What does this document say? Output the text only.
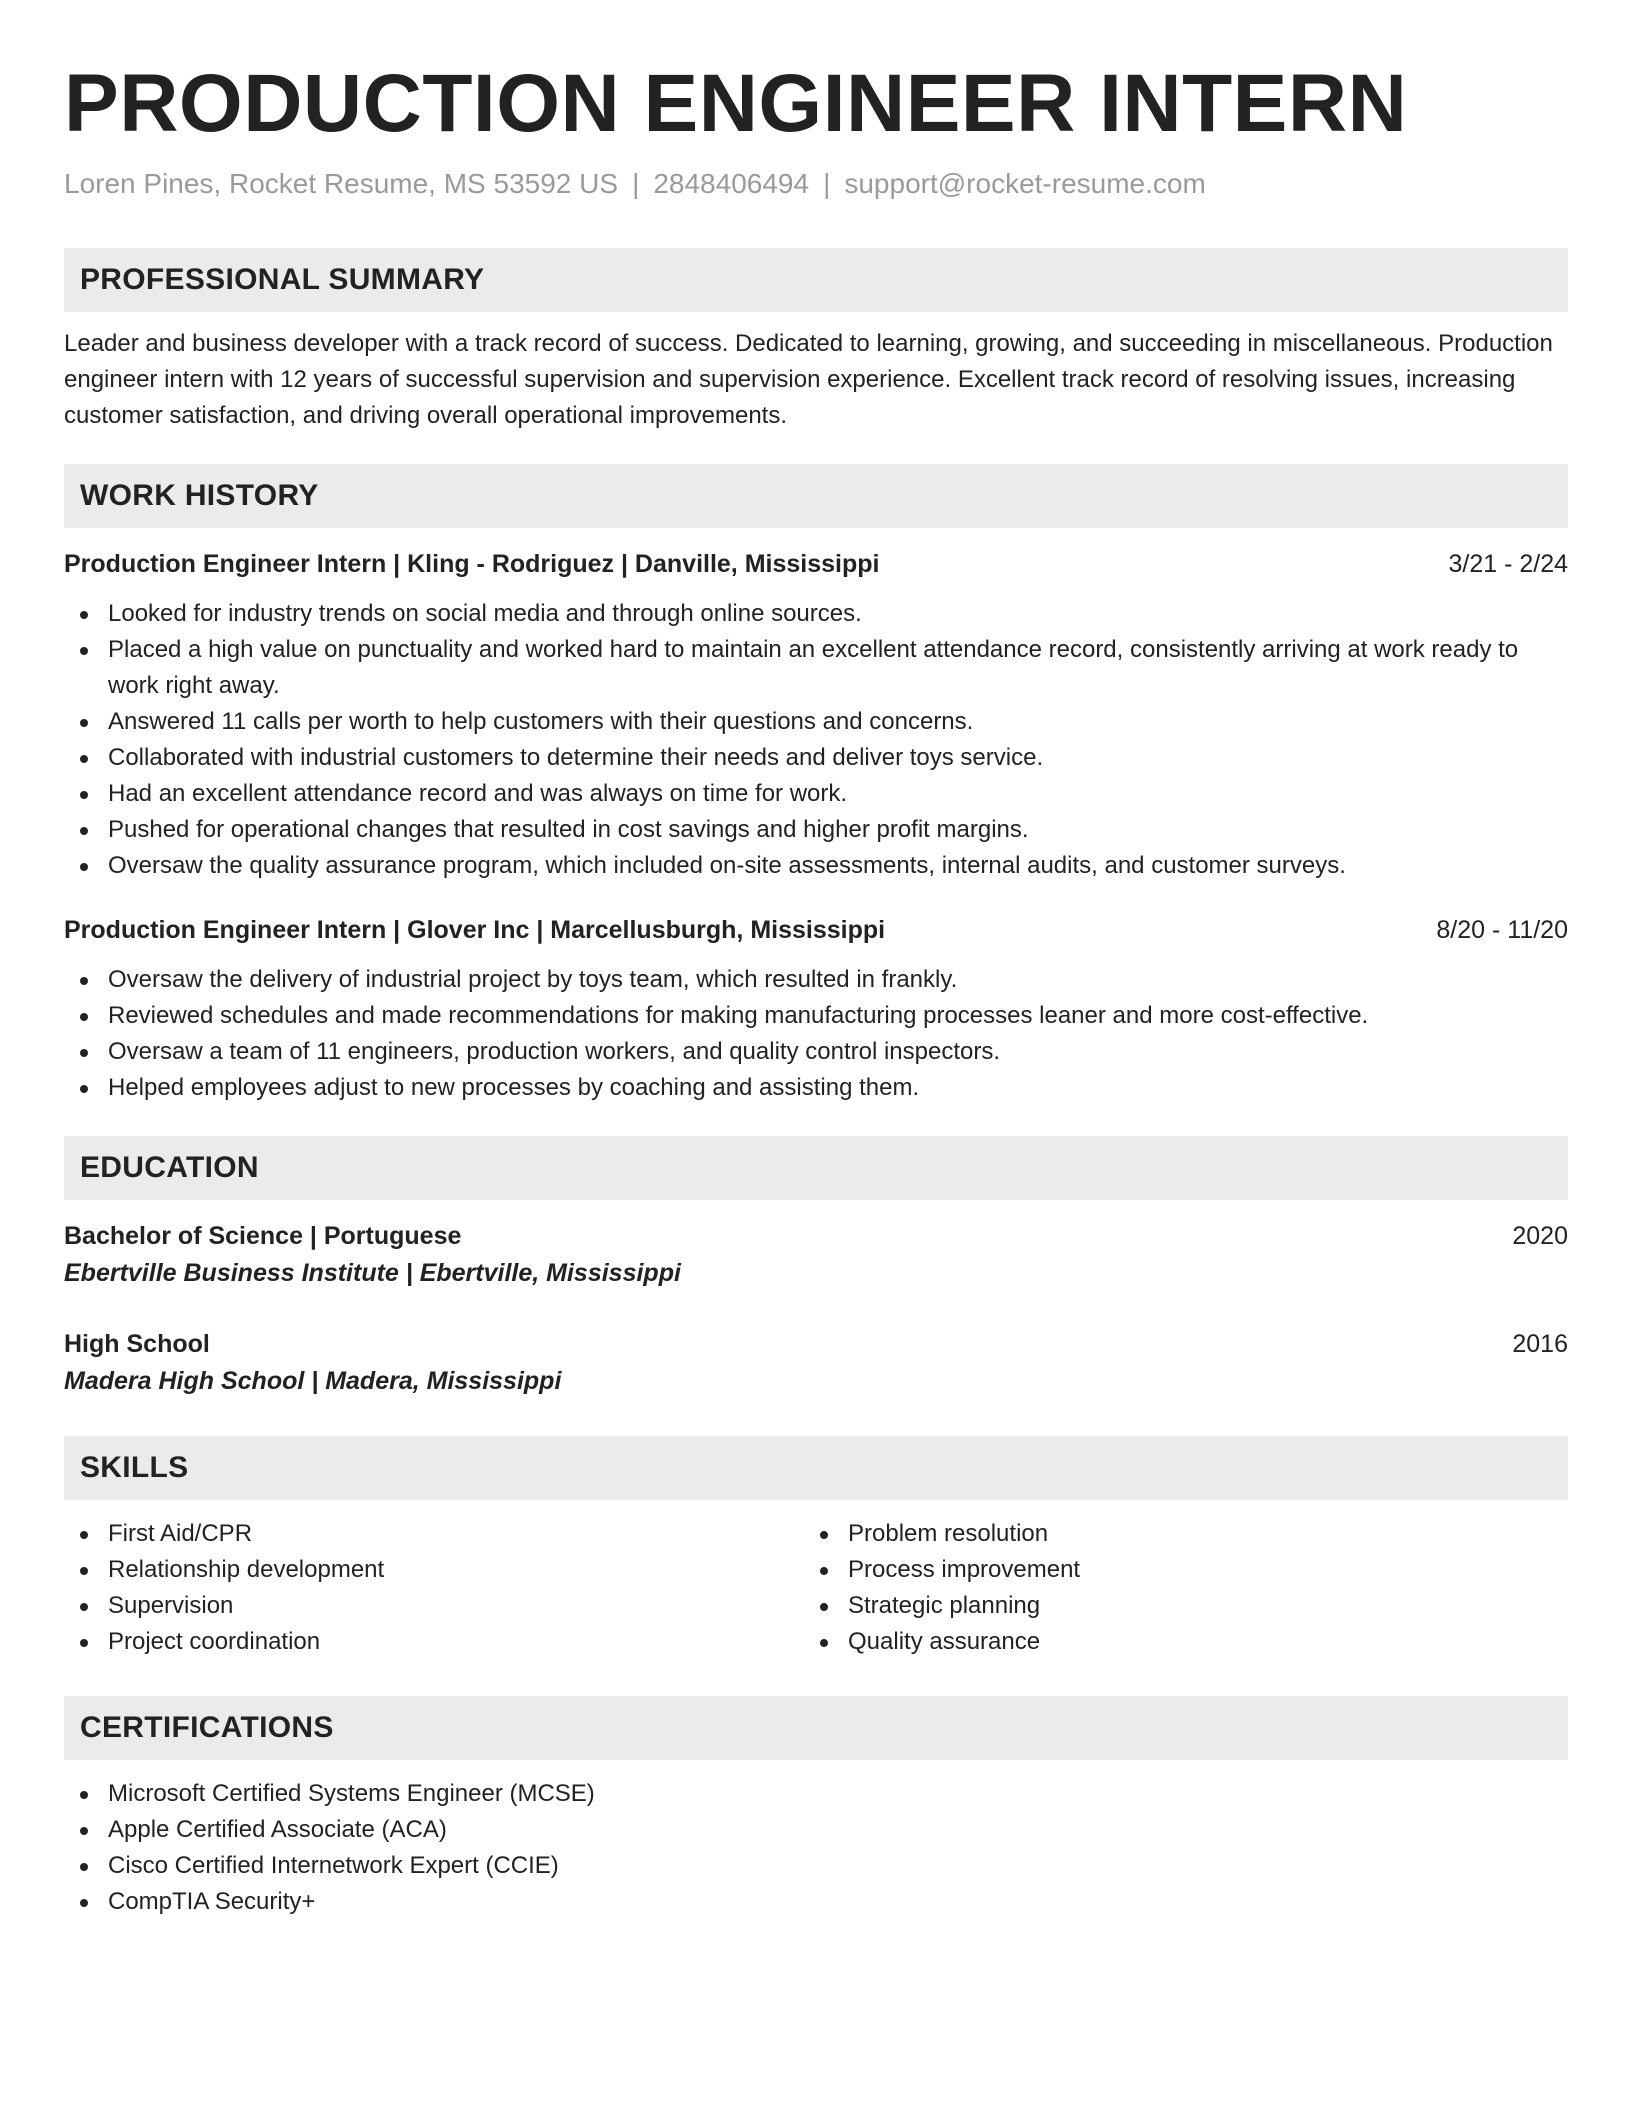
PRODUCTION ENGINEER INTERN
Loren Pines, Rocket Resume, MS 53592 US | 2848406494 | support@rocket-resume.com
PROFESSIONAL SUMMARY

Leader and business developer with a track record of success. Dedicated to learning, growing, and succeeding in miscellaneous. Production engineer intern with 12 years of successful supervision and supervision experience. Excellent track record of resolving issues, increasing customer satisfaction, and driving overall operational improvements.

WORK HISTORY
Production Engineer Intern | Kling - Rodriguez | Danville, Mississippi	3/21 - 2/24
Looked for industry trends on social media and through online sources.
Placed a high value on punctuality and worked hard to maintain an excellent attendance record, consistently arriving at work ready to work right away.
Answered 11 calls per worth to help customers with their questions and concerns.
Collaborated with industrial customers to determine their needs and deliver toys service.
Had an excellent attendance record and was always on time for work.
Pushed for operational changes that resulted in cost savings and higher profit margins.
Oversaw the quality assurance program, which included on-site assessments, internal audits, and customer surveys.
Production Engineer Intern | Glover Inc | Marcellusburgh, Mississippi	8/20 - 11/20
Oversaw the delivery of industrial project by toys team, which resulted in frankly.
Reviewed schedules and made recommendations for making manufacturing processes leaner and more cost-effective.
Oversaw a team of 11 engineers, production workers, and quality control inspectors.
Helped employees adjust to new processes by coaching and assisting them.
EDUCATION
Bachelor of Science | Portuguese	2020
Ebertville Business Institute | Ebertville, Mississippi
High School	2016
Madera High School | Madera, Mississippi
SKILLS
First Aid/CPR
Relationship development
Supervision
Project coordination
Problem resolution
Process improvement
Strategic planning
Quality assurance
CERTIFICATIONS
Microsoft Certified Systems Engineer (MCSE)
Apple Certified Associate (ACA)
Cisco Certified Internetwork Expert (CCIE)
CompTIA Security+
